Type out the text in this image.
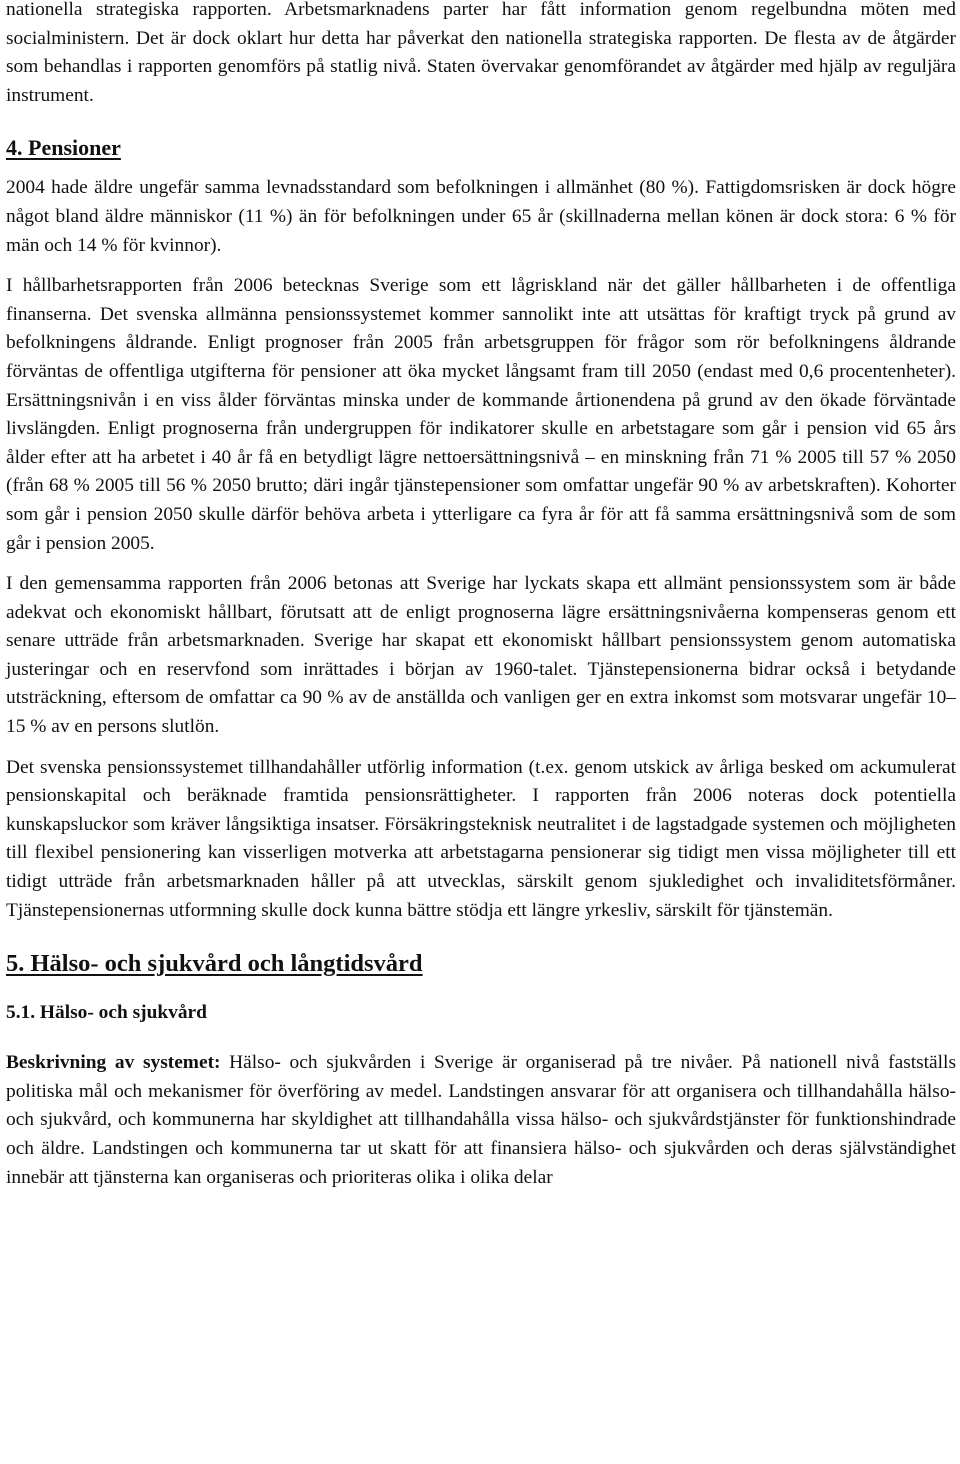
nationella strategiska rapporten. Arbetsmarknadens parter har fått information genom regelbundna möten med socialministern. Det är dock oklart hur detta har påverkat den nationella strategiska rapporten. De flesta av de åtgärder som behandlas i rapporten genomförs på statlig nivå. Staten övervakar genomförandet av åtgärder med hjälp av reguljära instrument.

4. Pensioner

2004 hade äldre ungefär samma levnadsstandard som befolkningen i allmänhet (80 %). Fattigdomsrisken är dock högre något bland äldre människor (11 %) än för befolkningen under 65 år (skillnaderna mellan könen är dock stora: 6 % för män och 14 % för kvinnor).

I hållbarhetsrapporten från 2006 betecknas Sverige som ett lågriskland när det gäller hållbarheten i de offentliga finanserna. Det svenska allmänna pensionssystemet kommer sannolikt inte att utsättas för kraftigt tryck på grund av befolkningens åldrande. Enligt prognoser från 2005 från arbetsgruppen för frågor som rör befolkningens åldrande förväntas de offentliga utgifterna för pensioner att öka mycket långsamt fram till 2050 (endast med 0,6 procentenheter). Ersättningsnivån i en viss ålder förväntas minska under de kommande årtionendena på grund av den ökade förväntade livslängden. Enligt prognoserna från undergruppen för indikatorer skulle en arbetstagare som går i pension vid 65 års ålder efter att ha arbetet i 40 år få en betydligt lägre nettoersättningsnivå – en minskning från 71 % 2005 till 57 % 2050 (från 68 % 2005 till 56 % 2050 brutto; däri ingår tjänstepensioner som omfattar ungefär 90 % av arbetskraften). Kohorter som går i pension 2050 skulle därför behöva arbeta i ytterligare ca fyra år för att få samma ersättningsnivå som de som går i pension 2005.

I den gemensamma rapporten från 2006 betonas att Sverige har lyckats skapa ett allmänt pensionssystem som är både adekvat och ekonomiskt hållbart, förutsatt att de enligt prognoserna lägre ersättningsnivåerna kompenseras genom ett senare utträde från arbetsmarknaden. Sverige har skapat ett ekonomiskt hållbart pensionssystem genom automatiska justeringar och en reservfond som inrättades i början av 1960-talet. Tjänstepensionerna bidrar också i betydande utsträckning, eftersom de omfattar ca 90 % av de anställda och vanligen ger en extra inkomst som motsvarar ungefär 10–15 % av en persons slutlön.

Det svenska pensionssystemet tillhandahåller utförlig information (t.ex. genom utskick av årliga besked om ackumulerat pensionskapital och beräknade framtida pensionsrättigheter. I rapporten från 2006 noteras dock potentiella kunskapsluckor som kräver långsiktiga insatser. Försäkringsteknisk neutralitet i de lagstadgade systemen och möjligheten till flexibel pensionering kan visserligen motverka att arbetstagarna pensionerar sig tidigt men vissa möjligheter till ett tidigt utträde från arbetsmarknaden håller på att utvecklas, särskilt genom sjukledighet och invaliditetsförmåner. Tjänstepensionernas utformning skulle dock kunna bättre stödja ett längre yrkesliv, särskilt för tjänstemän.

5. Hälso- och sjukvård och långtidsvård
5.1. Hälso- och sjukvård

Beskrivning av systemet: Hälso- och sjukvården i Sverige är organiserad på tre nivåer. På nationell nivå fastställs politiska mål och mekanismer för överföring av medel. Landstingen ansvarar för att organisera och tillhandahålla hälso- och sjukvård, och kommunerna har skyldighet att tillhandahålla vissa hälso- och sjukvårdstjänster för funktionshindrade och äldre. Landstingen och kommunerna tar ut skatt för att finansiera hälso- och sjukvården och deras självständighet innebär att tjänsterna kan organiseras och prioriteras olika i olika delar
